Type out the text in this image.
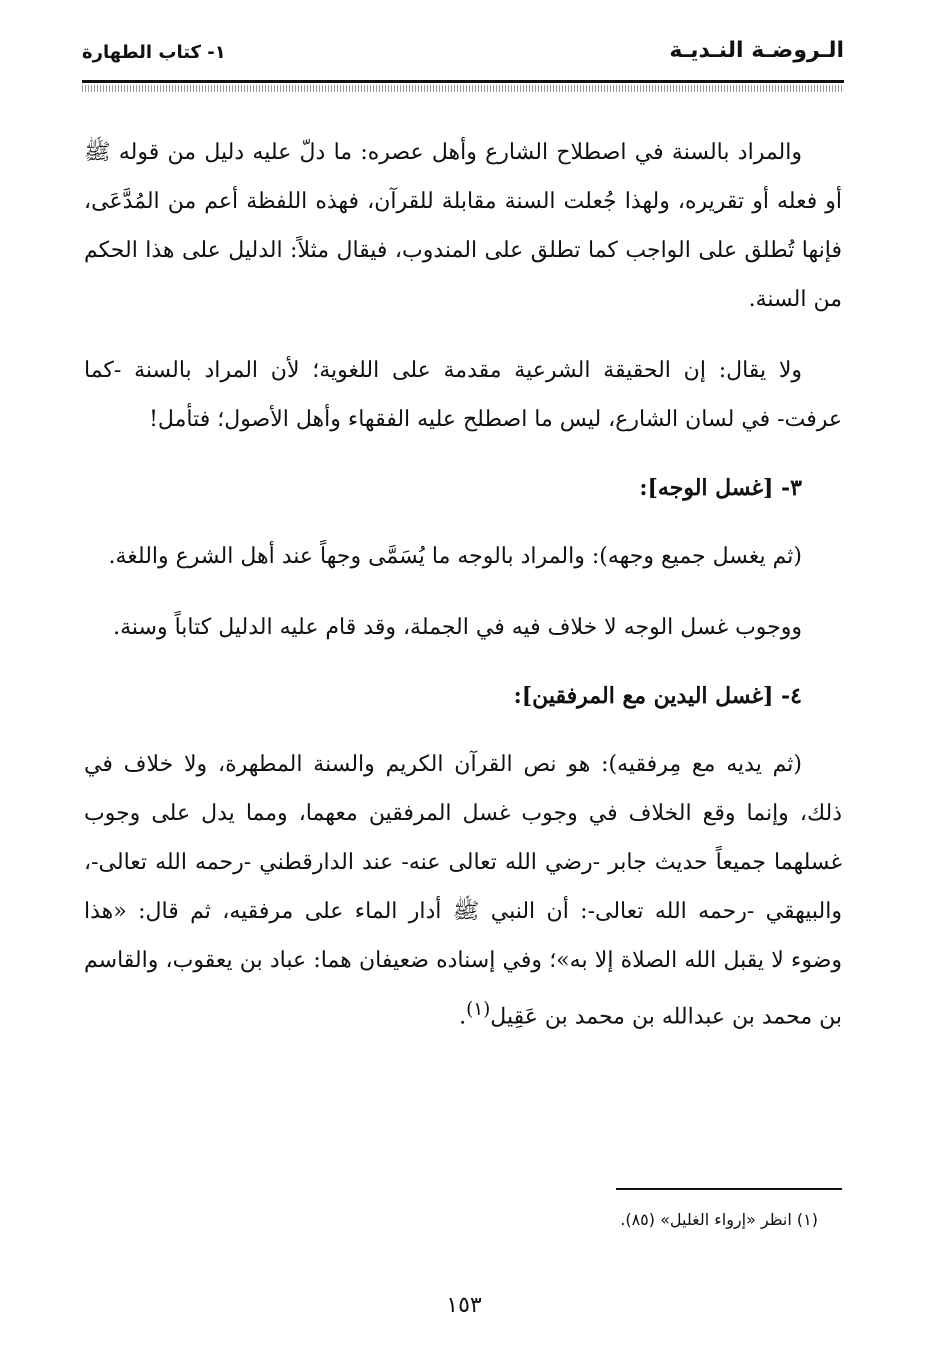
الـروضـة النـديـة
١- كتاب الطهارة

والمراد بالسنة في اصطلاح الشارع وأهل عصره: ما دلّ عليه دليل من قوله ﷺ أو فعله أو تقريره، ولهذا جُعلت السنة مقابلة للقرآن، فهذه اللفظة أعم من المُدَّعَى، فإنها تُطلق على الواجب كما تطلق على المندوب، فيقال مثلاً: الدليل على هذا الحكم من السنة.

ولا يقال: إن الحقيقة الشرعية مقدمة على اللغوية؛ لأن المراد بالسنة -كما عرفت- في لسان الشارع، ليس ما اصطلح عليه الفقهاء وأهل الأصول؛ فتأمل!

٣- [غسل الوجه]:

(ثم يغسل جميع وجهه): والمراد بالوجه ما يُسَمَّى وجهاً عند أهل الشرع واللغة.

ووجوب غسل الوجه لا خلاف فيه في الجملة، وقد قام عليه الدليل كتاباً وسنة.

٤- [غسل اليدين مع المرفقين]:

(ثم يديه مع مِرفقيه): هو نص القرآن الكريم والسنة المطهرة، ولا خلاف في ذلك، وإنما وقع الخلاف في وجوب غسل المرفقين معهما، ومما يدل على وجوب غسلهما جميعاً حديث جابر -رضي الله تعالى عنه- عند الدارقطني -رحمه الله تعالى-، والبيهقي -رحمه الله تعالى-: أن النبي ﷺ أدار الماء على مرفقيه، ثم قال: «هذا وضوء لا يقبل الله الصلاة إلا به»؛ وفي إسناده ضعيفان هما: عباد بن يعقوب، والقاسم بن محمد بن عبدالله بن محمد بن عَقِيل$^{(١)}$.

(١) انظر «إرواء الغليل» (٨٥).
١٥٣
